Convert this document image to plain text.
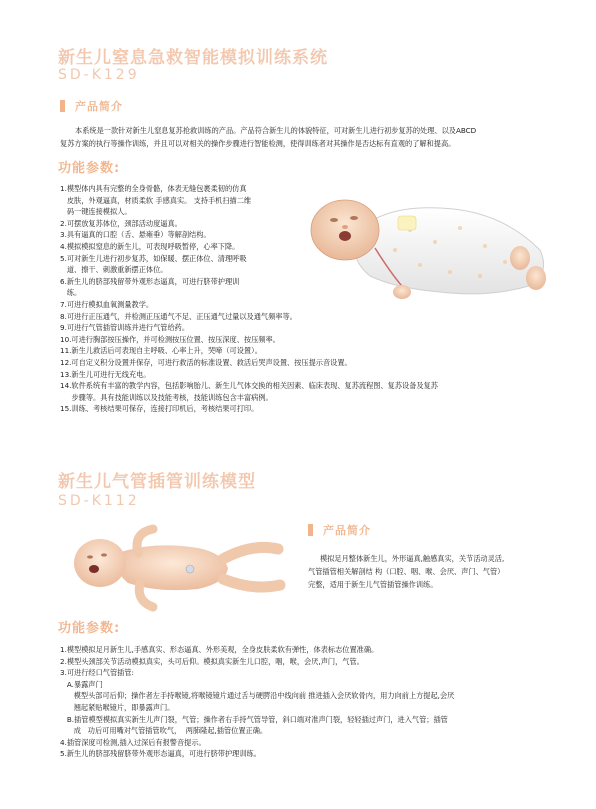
新生儿窒息急救智能模拟训练系统
SD-K129
产品简介
本系统是一款针对新生儿窒息复苏抢救训练的产品。产品符合新生儿的体貌特征，可对新生儿进行初步复苏的处理、以及ABCD
复苏方案的执行等操作训练，并且可以对相关的操作步骤进行智能检测，使得训练者对其操作是否达标有直观的了解和提高。
功能参数:
1.模型体内具有完整的全身骨骼，体表无缝包裹柔韧的仿真
皮肤，外观逼真，材质柔软 手感真实。 支持手机扫描二维
码一键连接模拟人。
2.可摆放复苏体位，颈部活动度逼真。
3.具有逼真的口腔（舌、悬雍垂）等解剖结构。
4.模拟模拟窒息的新生儿，可表现呼吸暂停，心率下降。
5.可对新生儿进行初步复苏，如保暖、摆正体位、清理呼吸
道、擦干、刺激重新摆正体位。
6.新生儿的脐部残留带外观形态逼真，可进行脐带护理训
练。
7.可进行模拟血氧测量教学。
8.可进行正压通气，并检测正压通气不足、正压通气过量以及通气频率等。
9.可进行气管插管训练并进行气管给药。
10.可进行胸部按压操作，并可检测按压位置、按压深度、按压频率。
11.新生儿救活后可表现自主呼吸、心率上升，哭啼（可设置）。
12.可自定义积分设置并保存，可进行救活的标准设置、救活后哭声设置、按压提示音设置。
13.新生儿可进行无线充电。
14.软件系统有丰富的教学内容，包括影响胎儿、新生儿气体交换的相关因素、临床表现、复苏流程图、复苏设备及复苏
步骤等。具有技能训练以及技能考核，技能训练包含丰富病例。
15.训练、考核结果可保存，连接打印机后，考核结果可打印。
新生儿气管插管训练模型
SD-K112
产品简介
模拟足月整体新生儿，外形逼真,触感真实，关节活动灵活,
气管插管相关解剖结 构（口腔、咽、喉、会厌、声门、气管）
完整，适用于新生儿气管插管操作训练。
功能参数:
1.模型模拟足月新生儿,手感真实、形态逼真、外形美观，全身皮肤柔软有弹性，体表标志位置准确。
2.模型头颈部关节活动模拟真实，头可后仰。模拟真实新生儿口腔，咽，喉，会厌,声门，气管。
3.可进行经口气管插管:
A.暴露声门
模型头部可后仰；操作者左手持喉镜,将喉镜镜片通过舌与硬腭沿中线向前 推进插入会厌软骨内，用力向前上方提起,会厌
翘起紧贴喉镜片，即暴露声门。
B.插管模型模拟真实新生儿声门裂，气管；操作者右手持气管导管，斜口端对准声门裂，轻轻插过声门，进入气管；插管
成   功后可用嘴对气管插管吹气，  两肺隆起,插管位置正确。
4.插管深度可检测,插入过深后有报警音提示。
5.新生儿的脐部残留脐带外观形态逼真，可进行脐带护理训练。
